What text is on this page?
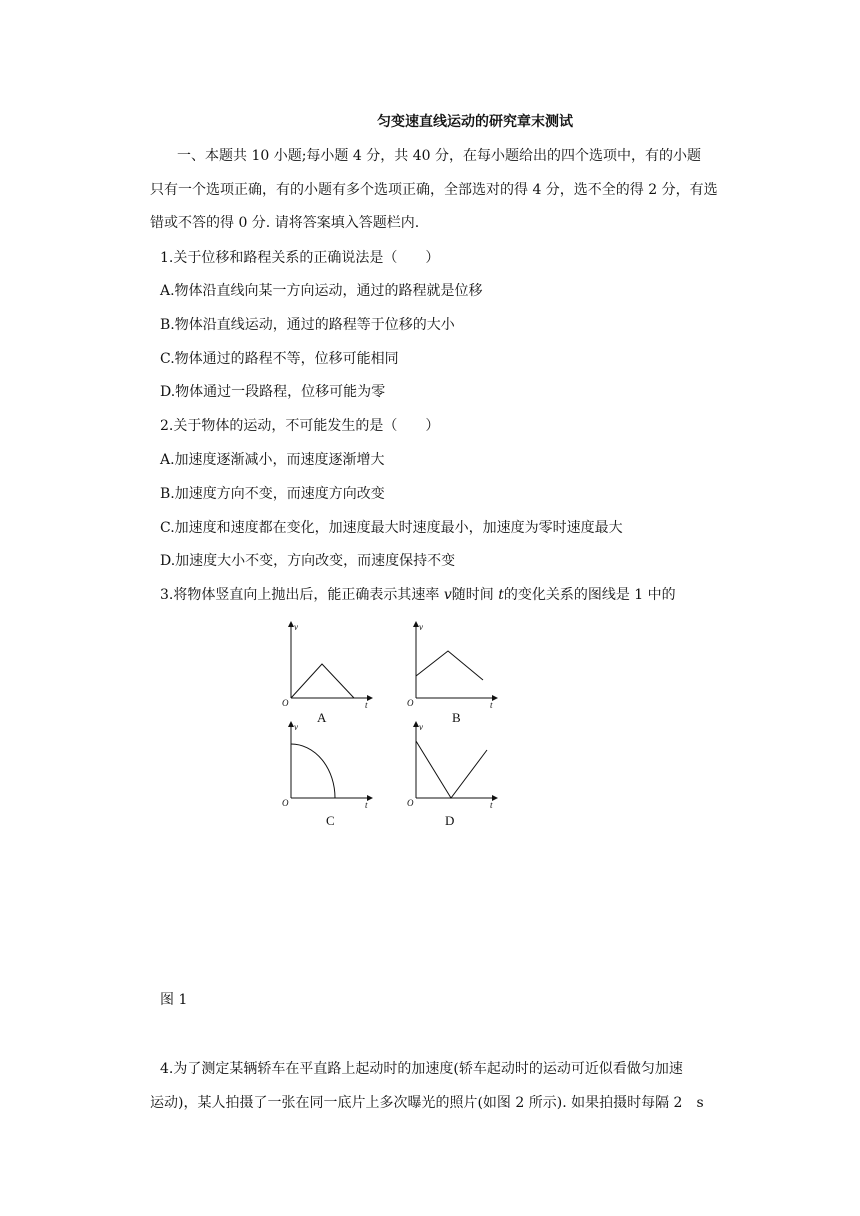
匀变速直线运动的研究章末测试
一、本题共 10 小题;每小题 4 分，共 40 分，在每小题给出的四个选项中，有的小题
只有一个选项正确，有的小题有多个选项正确，全部选对的得 4 分，选不全的得 2 分，有选
错或不答的得 0 分. 请将答案填入答题栏内.
1.关于位移和路程关系的正确说法是（　　）
A.物体沿直线向某一方向运动，通过的路程就是位移
B.物体沿直线运动，通过的路程等于位移的大小
C.物体通过的路程不等，位移可能相同
D.物体通过一段路程，位移可能为零
2.关于物体的运动，不可能发生的是（　　）
A.加速度逐渐减小，而速度逐渐增大
B.加速度方向不变，而速度方向改变
C.加速度和速度都在变化，加速度最大时速度最小，加速度为零时速度最大
D.加速度大小不变，方向改变，而速度保持不变
3.将物体竖直向上抛出后，能正确表示其速率 v随时间 t的变化关系的图线是 1 中的
v
t
O
v
t
O
v
t
O
v
t
O
A	B
C	D
图 1
4.为了测定某辆轿车在平直路上起动时的加速度(轿车起动时的运动可近似看做匀加速
运动)，某人拍摄了一张在同一底片上多次曝光的照片(如图 2 所示). 如果拍摄时每隔 2　s
